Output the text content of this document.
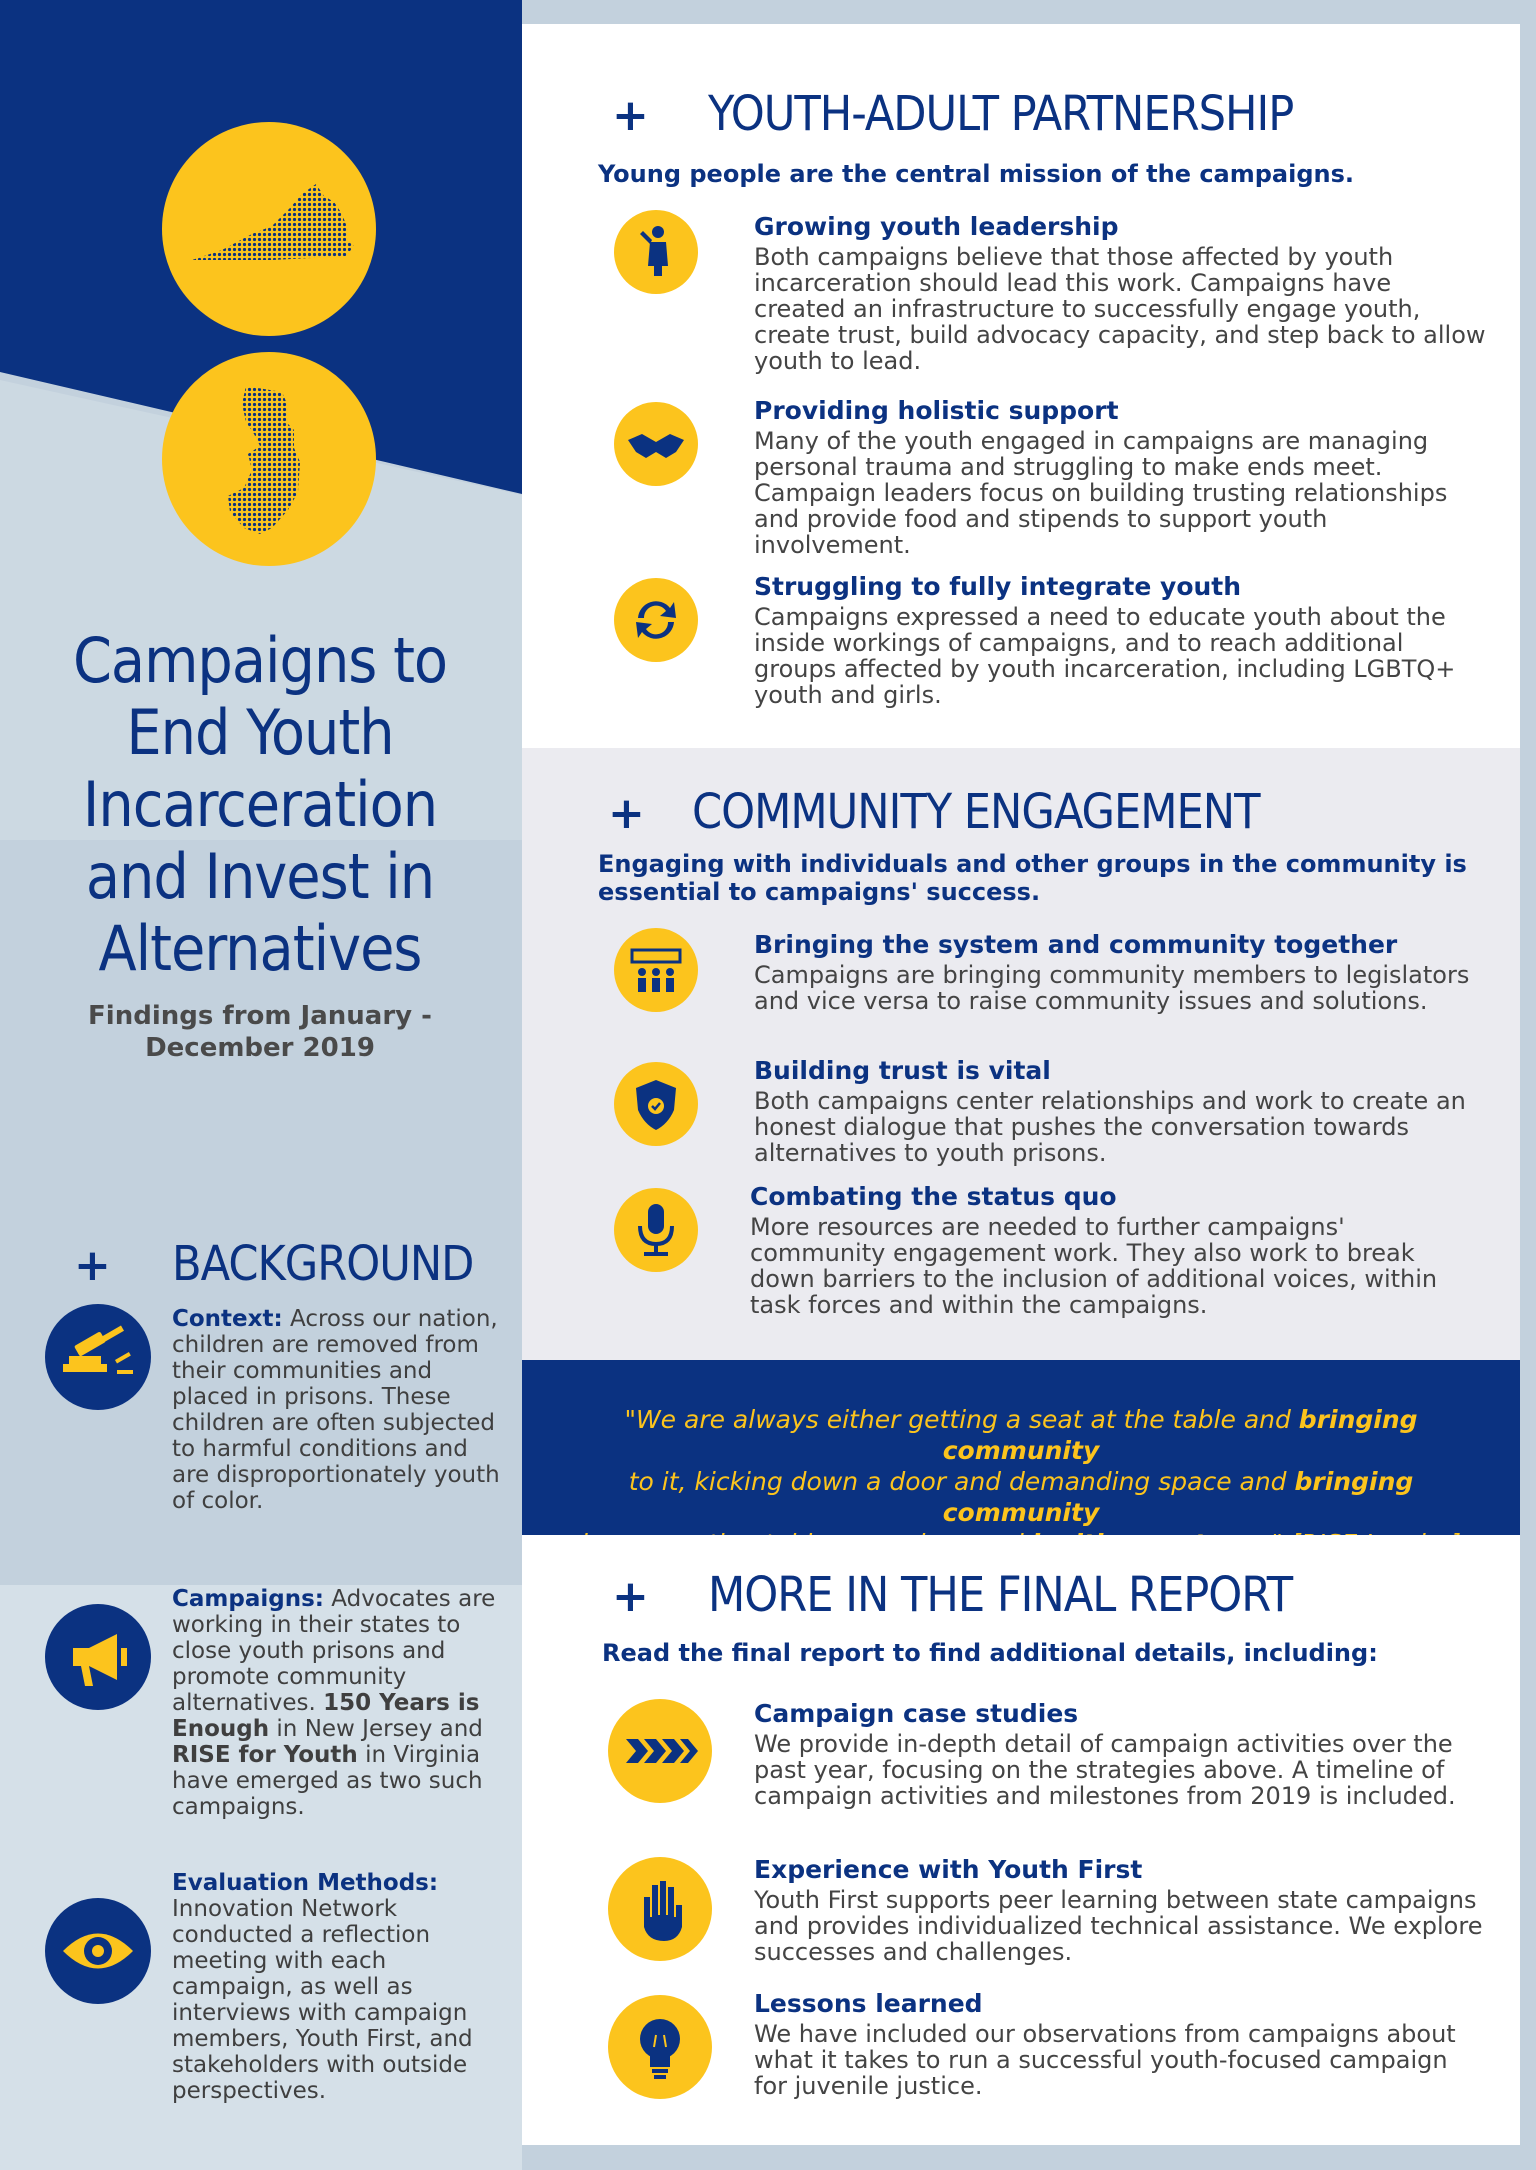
Campaigns to
End Youth
Incarceration
and Invest in
Alternatives
Findings from January -
December 2019
+ BACKGROUND
Context: Across our nation, children are removed from their communities and placed in prisons. These children are often subjected to harmful conditions and are disproportionately youth of color.
Campaigns: Advocates are working in their states to close youth prisons and promote community alternatives. 150 Years is Enough in New Jersey and RISE for Youth in Virginia have emerged as two such campaigns.
Evaluation Methods:
Innovation Network conducted a reflection meeting with each campaign, as well as interviews with campaign members, Youth First, and stakeholders with outside perspectives.
+ YOUTH-ADULT PARTNERSHIP
Young people are the central mission of the campaigns.
Growing youth leadership
Both campaigns believe that those affected by youth incarceration should lead this work. Campaigns have created an infrastructure to successfully engage youth, create trust, build advocacy capacity, and step back to allow youth to lead.
Providing holistic support
Many of the youth engaged in campaigns are managing personal trauma and struggling to make ends meet. Campaign leaders focus on building trusting relationships and provide food and stipends to support youth involvement.
Struggling to fully integrate youth
Campaigns expressed a need to educate youth about the inside workings of campaigns, and to reach additional groups affected by youth incarceration, including LGBTQ+ youth and girls.
+ COMMUNITY ENGAGEMENT
Engaging with individuals and other groups in the community is essential to campaigns' success.
Bringing the system and community together
Campaigns are bringing community members to legislators and vice versa to raise community issues and solutions.
Building trust is vital
Both campaigns center relationships and work to create an honest dialogue that pushes the conversation towards alternatives to youth prisons.
Combating the status quo
More resources are needed to further campaigns' community engagement work. They also work to break down barriers to the inclusion of additional voices, within task forces and within the campaigns.
"We are always either getting a seat at the table and bringing community
to it, kicking down a door and demanding space and bringing community

+ MORE IN THE FINAL REPORT
Read the final report to find additional details, including:
Campaign case studies
We provide in-depth detail of campaign activities over the past year, focusing on the strategies above. A timeline of campaign activities and milestones from 2019 is included.
Experience with Youth First
Youth First supports peer learning between state campaigns and provides individualized technical assistance. We explore successes and challenges.
Lessons learned
We have included our observations from campaigns about what it takes to run a successful youth-focused campaign for juvenile justice.
